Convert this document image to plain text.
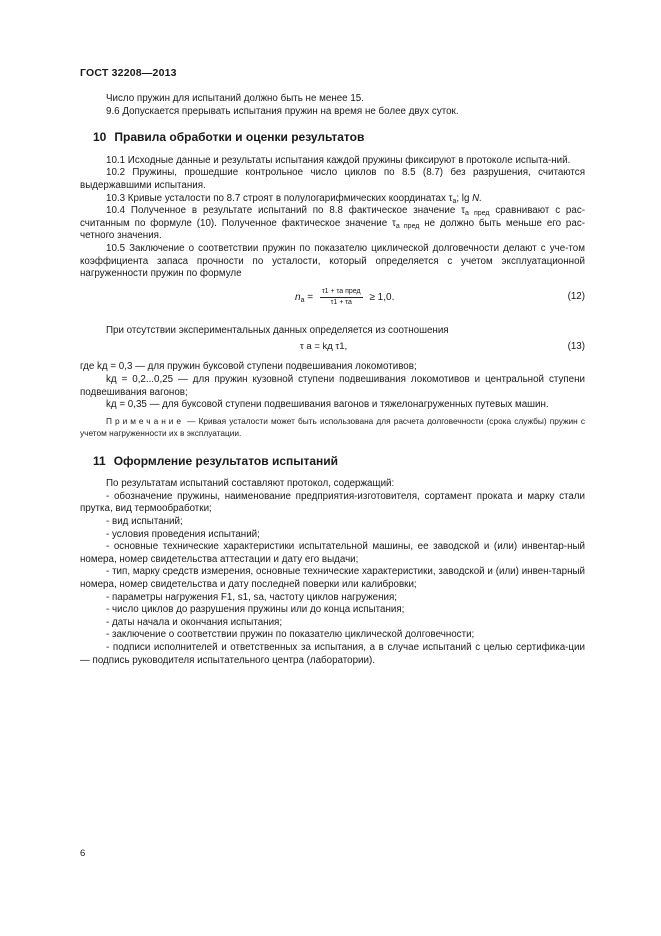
ГОСТ 32208—2013

Число пружин для испытаний должно быть не менее 15.

9.6 Допускается прерывать испытания пружин на время не более двух суток.

10 Правила обработки и оценки результатов

10.1 Исходные данные и результаты испытания каждой пружины фиксируют в протоколе испыта-ний.

10.2 Пружины, прошедшие контрольное число циклов по 8.5 (8.7) без разрушения, считаются выдержавшими испытания.

10.3 Кривые усталости по 8.7 строят в полулогарифмических координатах $\tau_а$; lg N.

10.4 Полученное в результате испытаний по 8.8 фактическое значение $\tau_{а пред}$ сравнивают с рас-считанным по формуле (10). Полученное фактическое значение $\tau_{а пред}$ не должно быть меньше его рас-четного значения.

10.5 Заключение о соответствии пружин по показателю циклической долговечности делают с уче-том коэффициента запаса прочности по усталости, который определяется с учетом эксплуатационной нагруженности пружин по формуле

$n_а = \frac{\text{τ1 + τа пред}}{\tau 1 + \tau а} \ge 1,0$.	(12)

При отсутствии экспериментальных данных определяется из соотношения

τ а = kд τ1,	(13)

где kд = 0,3 — для пружин буксовой ступени подвешивания локомотивов;

kд = 0,2...0,25 — для пружин кузовной ступени подвешивания локомотивов и центральной ступени подвешивания вагонов;

kд = 0,35 — для буксовой ступени подвешивания вагонов и тяжелонагруженных путевых машин.

Примечание — Кривая усталости может быть использована для расчета долговечности (срока службы) пружин с учетом нагруженности их в эксплуатации.

11 Оформление результатов испытаний

По результатам испытаний составляют протокол, содержащий:

- обозначение пружины, наименование предприятия-изготовителя, сортамент проката и марку стали прутка, вид термообработки;

- вид испытаний;

- условия проведения испытаний;

- основные технические характеристики испытательной машины, ее заводской и (или) инвентар-ный номера, номер свидетельства аттестации и дату его выдачи;

- тип, марку средств измерения, основные технические характеристики, заводской и (или) инвен-тарный номера, номер свидетельства и дату последней поверки или калибровки;

- параметры нагружения F1, s1, sа, частоту циклов нагружения;

- число циклов до разрушения пружины или до конца испытания;

- даты начала и окончания испытания;

- заключение о соответствии пружин по показателю циклической долговечности;

- подписи исполнителей и ответственных за испытания, а в случае испытаний с целью сертифика-ции — подпись руководителя испытательного центра (лаборатории).

6
